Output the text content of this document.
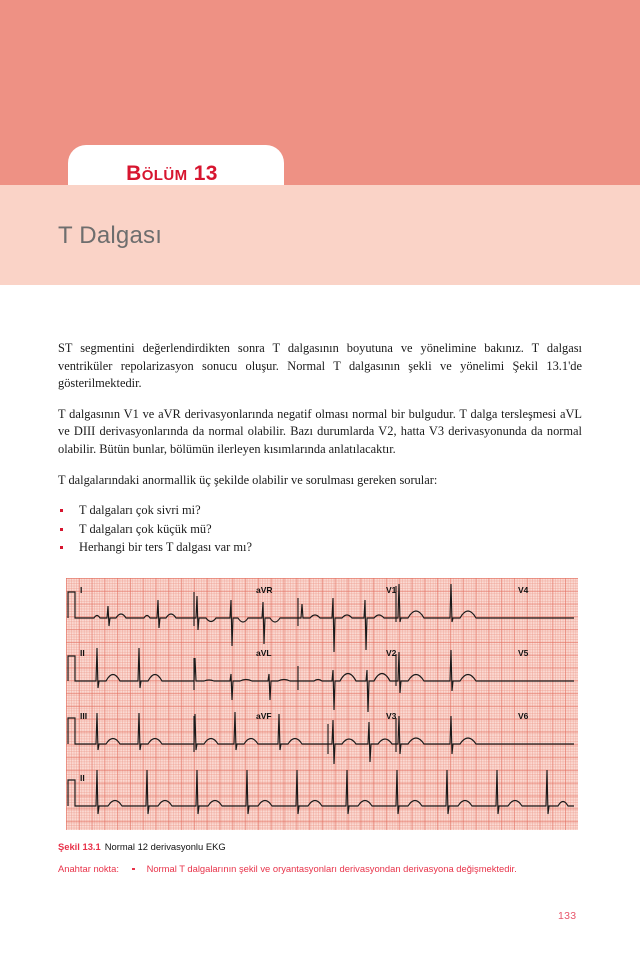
Bölüm 13
T Dalgası

ST segmentini değerlendirdikten sonra T dalgasının boyutuna ve yönelimine bakınız. T dalgası ventriküler repolarizasyon sonucu oluşur. Normal T dalgasının şekli ve yönelimi Şekil 13.1'de gösterilmektedir.

T dalgasının V1 ve aVR derivasyonlarında negatif olması normal bir bulgudur. T dalga tersleşmesi aVL ve DIII derivasyonlarında da normal olabilir. Bazı durumlarda V2, hatta V3 derivasyonunda da normal olabilir. Bütün bunlar, bölümün ilerleyen kısımlarında anlatılacaktır.

T dalgalarındaki anormallik üç şekilde olabilir ve sorulması gereken sorular:

T dalgaları çok sivri mi?
T dalgaları çok küçük mü?
Herhangi bir ters T dalgası var mı?
I	aVR	V1	V4
II	aVL	V2	V5
III	aVF	V3	V6
II
Şekil 13.1 Normal 12 derivasyonlu EKG
Anahtar nokta:	Normal T dalgalarının şekil ve oryantasyonları derivasyondan derivasyona değişmektedir.
133
